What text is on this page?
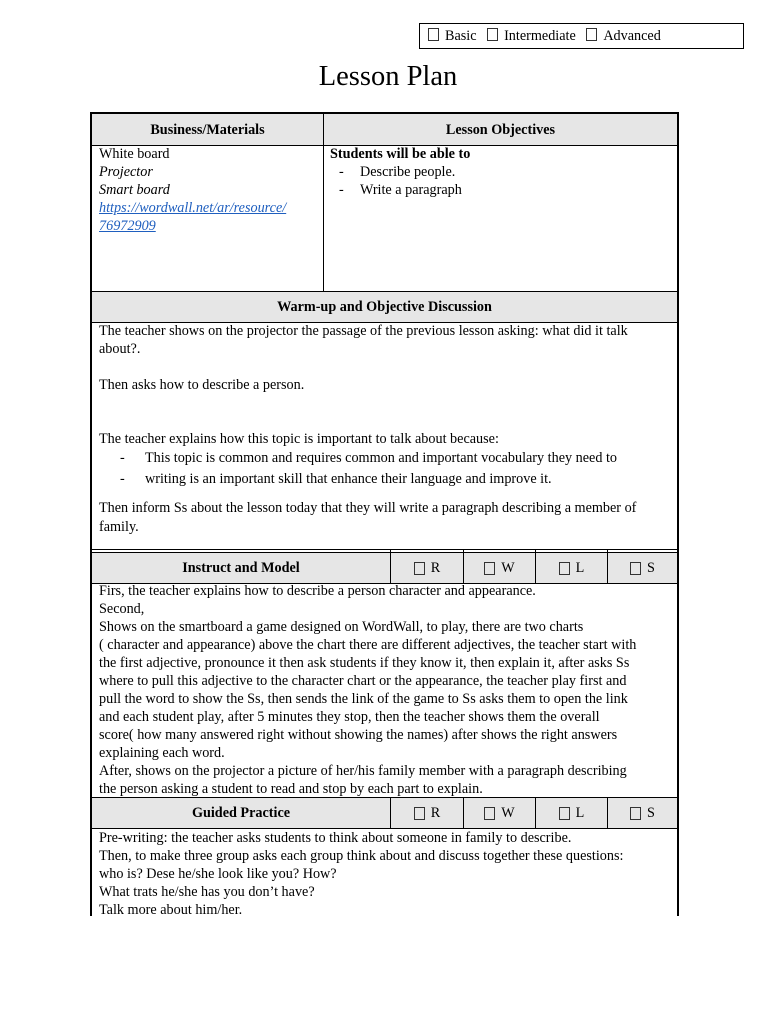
Basic Intermediate Advanced
Lesson Plan
Business/Materials	Lesson Objectives
White board
Projector
Smart board
https://wordwall.net/ar/resource/
76972909
Students will be able to
- Describe people.
- Write a paragraph
Warm-up and Objective Discussion
The teacher shows on the projector the passage of the previous lesson asking: what did it talk
about?.
Then asks how to describe a person.
The teacher explains how this topic is important to talk about because:
- This topic is common and requires common and important vocabulary they need to
- writing is an important skill that enhance their language and improve it.
Then inform Ss about the lesson today that they will write a paragraph describing a member of
family.
Instruct and Model	R	W	L	S
Firs, the teacher explains how to describe a person character and appearance.
Second,
Shows on the smartboard a game designed on WordWall, to play, there are two charts
( character and appearance) above the chart there are different adjectives, the teacher start with
the first adjective, pronounce it then ask students if they know it, then explain it, after asks Ss
where to pull this adjective to the character chart or the appearance, the teacher play first and
pull the word to show the Ss, then sends the link of the game to Ss asks them to open the link
and each student play, after 5 minutes they stop, then the teacher shows them the overall
score( how many answered right without showing the names) after shows the right answers
explaining each word.
After, shows on the projector a picture of her/his family member with a paragraph describing
the person asking a student to read and stop by each part to explain.
Guided Practice	R	W	L	S
Pre-writing: the teacher asks students to think about someone in family to describe.
Then, to make three group asks each group think about and discuss together these questions:
who is? Dese he/she look like you? How?
What trats he/she has you don’t have?
Talk more about him/her.
